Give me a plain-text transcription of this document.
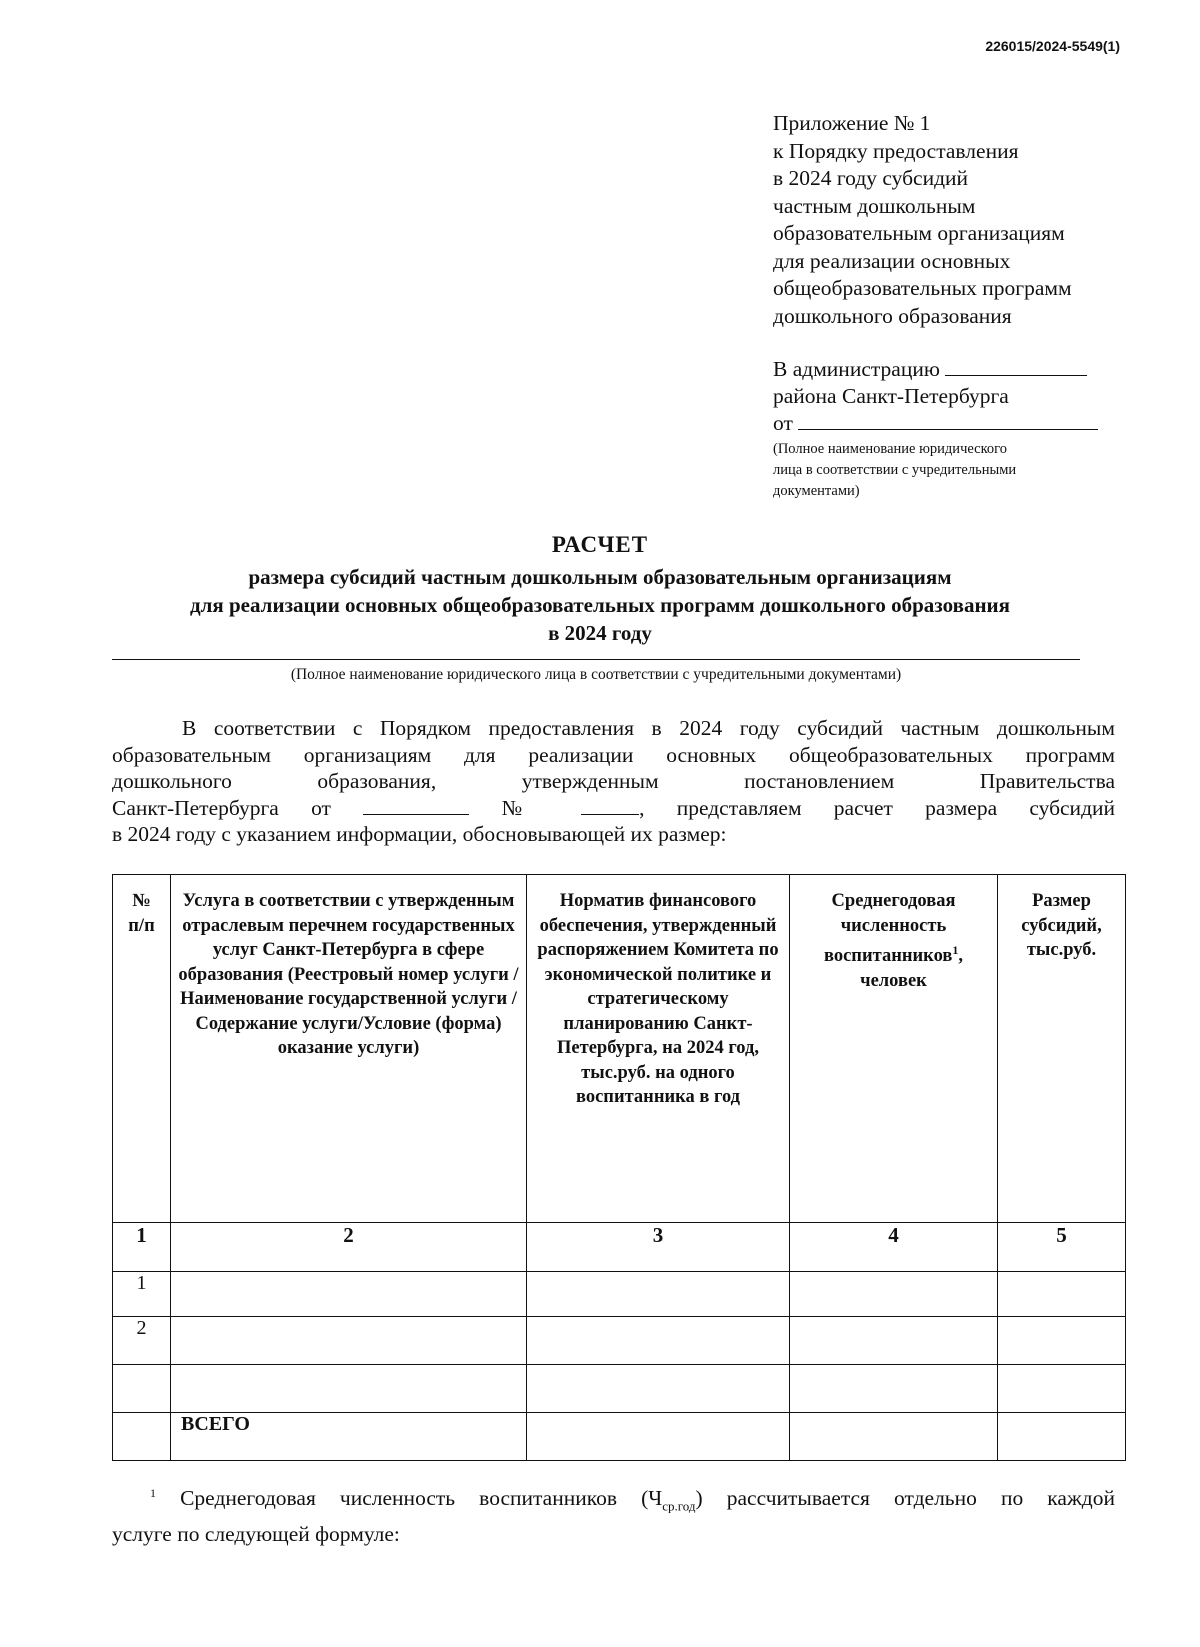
226015/2024-5549(1)
Приложение № 1
к Порядку предоставления
в 2024 году субсидий
частным дошкольным
образовательным организациям
для реализации основных
общеобразовательных программ
дошкольного образования
В администрацию
района Санкт-Петербурга
от
(Полное наименование юридического
лица в соответствии с учредительными
документами)
РАСЧЕТ
размера субсидий частным дошкольным образовательным организациям
для реализации основных общеобразовательных программ дошкольного образования
в 2024 году
(Полное наименование юридического лица в соответствии с учредительными документами)
В соответствии с Порядком предоставления в 2024 году субсидий частным дошкольным
образовательным организациям для реализации основных общеобразовательных программ
дошкольного образования, утвержденным постановлением Правительства
Санкт-Петербурга от	№	, представляем расчет размера субсидий
в 2024 году с указанием информации, обосновывающей их размер:
№ п/п	Услуга в соответствии с утвержденным отраслевым перечнем государственных услуг Санкт-Петербурга в сфере образования (Реестровый номер услуги /Наименование государственной услуги /Содержание услуги/Условие (форма) оказание услуги)	Норматив финансового обеспечения, утвержденный распоряжением Комитета по экономической политике и стратегическому планированию Санкт-Петербурга, на 2024 год, тыс.руб. на одного воспитанника в год	Среднегодовая численность воспитанников$^1$, человек	Размер субсидий, тыс.руб.

1	2	3	4	5
1				
2				

	ВСЕГО			
$^1$ Среднегодовая численность воспитанников $(Ч_{ср.год})$ рассчитывается отдельно по каждой
услуге по следующей формуле:
